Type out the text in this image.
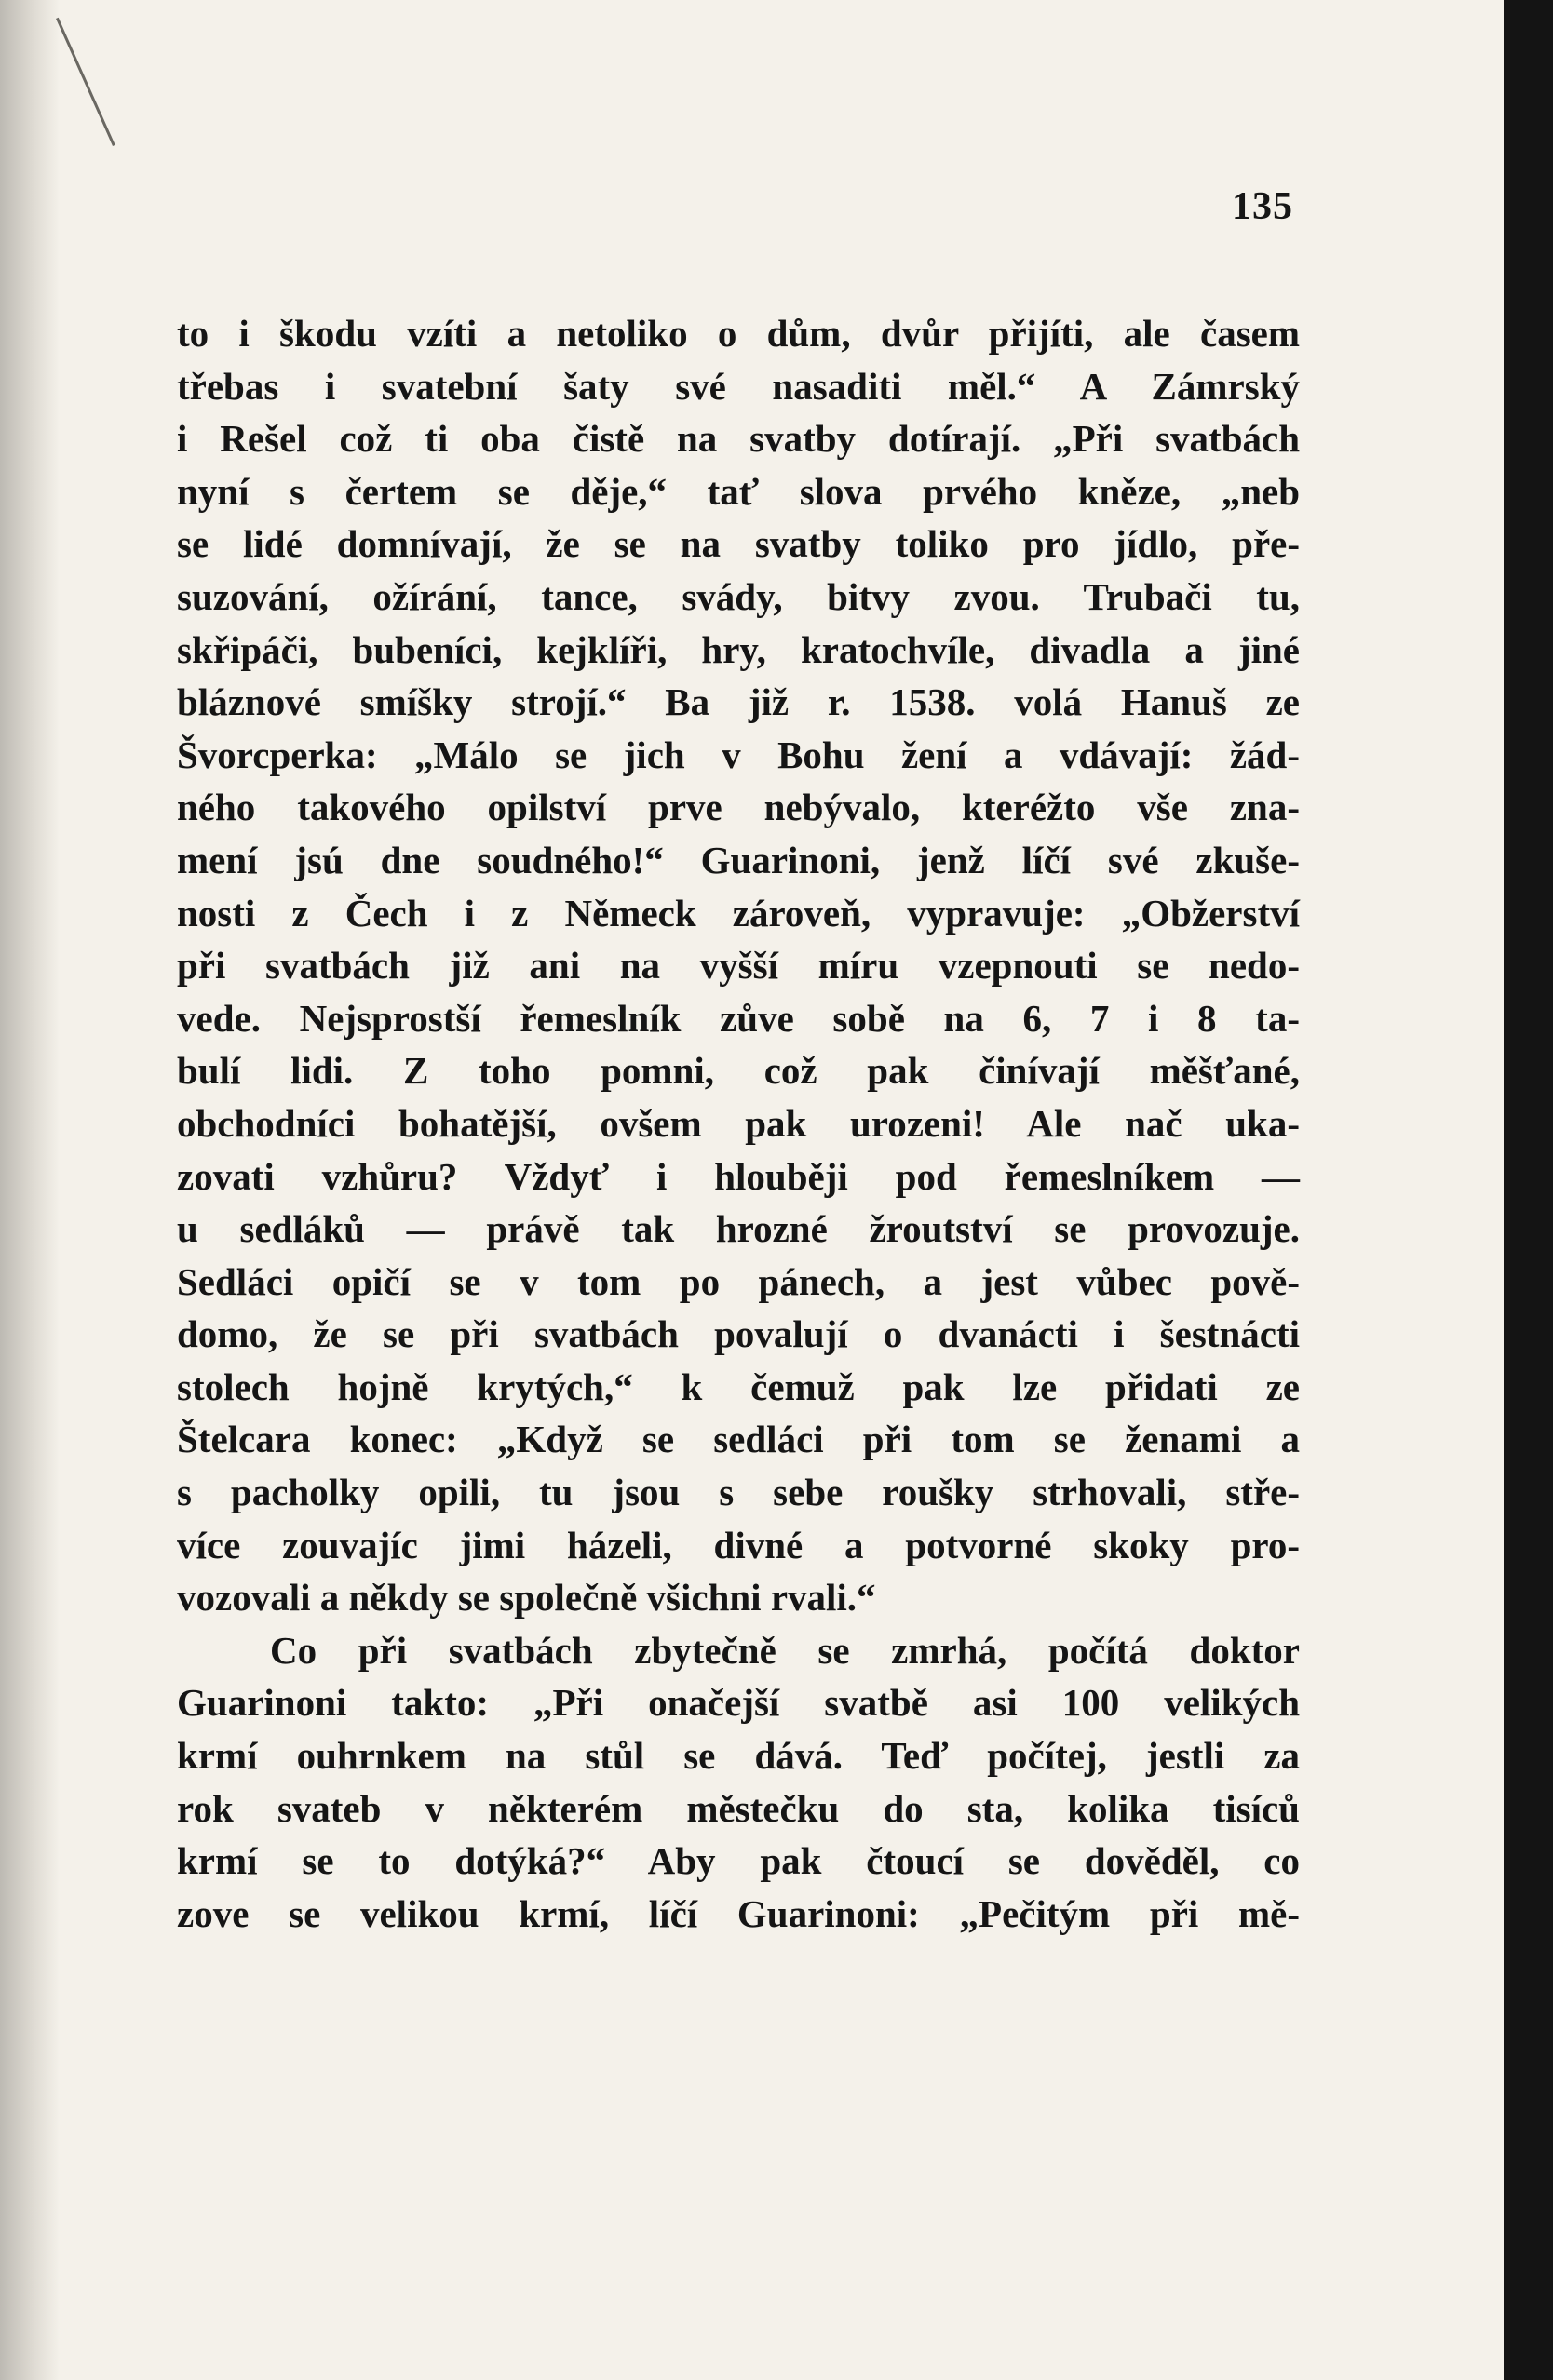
135
to i škodu vzíti a netoliko o dům, dvůr přijíti, ale časem
třebas i svatební šaty své nasaditi měl.“ A Zámrský
i Rešel což ti oba čistě na svatby dotírají. „Při svatbách
nyní s čertem se děje,“ tať slova prvého kněze, „neb
se lidé domnívají, že se na svatby toliko pro jídlo, pře-
suzování, ožírání, tance, svády, bitvy zvou. Trubači tu,
skřipáči, bubeníci, kejklíři, hry, kratochvíle, divadla a jiné
bláznové smíšky strojí.“ Ba již r. 1538. volá Hanuš ze
Švorcperka: „Málo se jich v Bohu žení a vdávají: žád-
ného takového opilství prve nebývalo, kteréžto vše zna-
mení jsú dne soudného!“ Guarinoni, jenž líčí své zkuše-
nosti z Čech i z Německ zároveň, vypravuje: „Obžerství
při svatbách již ani na vyšší míru vzepnouti se nedo-
vede. Nejsprostší řemeslník zůve sobě na 6, 7 i 8 ta-
bulí lidi. Z toho pomni, což pak činívají měšťané,
obchodníci bohatější, ovšem pak urozeni! Ale nač uka-
zovati vzhůru? Vždyť i hlouběji pod řemeslníkem —
u sedláků — právě tak hrozné žroutství se provozuje.
Sedláci opičí se v tom po pánech, a jest vůbec pově-
domo, že se při svatbách povalují o dvanácti i šestnácti
stolech hojně krytých,“ k čemuž pak lze přidati ze
Štelcara konec: „Když se sedláci při tom se ženami a
s pacholky opili, tu jsou s sebe roušky strhovali, stře-
více zouvajíc jimi házeli, divné a potvorné skoky pro-
vozovali a někdy se společně všichni rvali.“
Co při svatbách zbytečně se zmrhá, počítá doktor
Guarinoni takto: „Při onačejší svatbě asi 100 velikých
krmí ouhrnkem na stůl se dává. Teď počítej, jestli za
rok svateb v některém městečku do sta, kolika tisíců
krmí se to dotýká?“ Aby pak čtoucí se dověděl, co
zove se velikou krmí, líčí Guarinoni: „Pečitým při mě-
